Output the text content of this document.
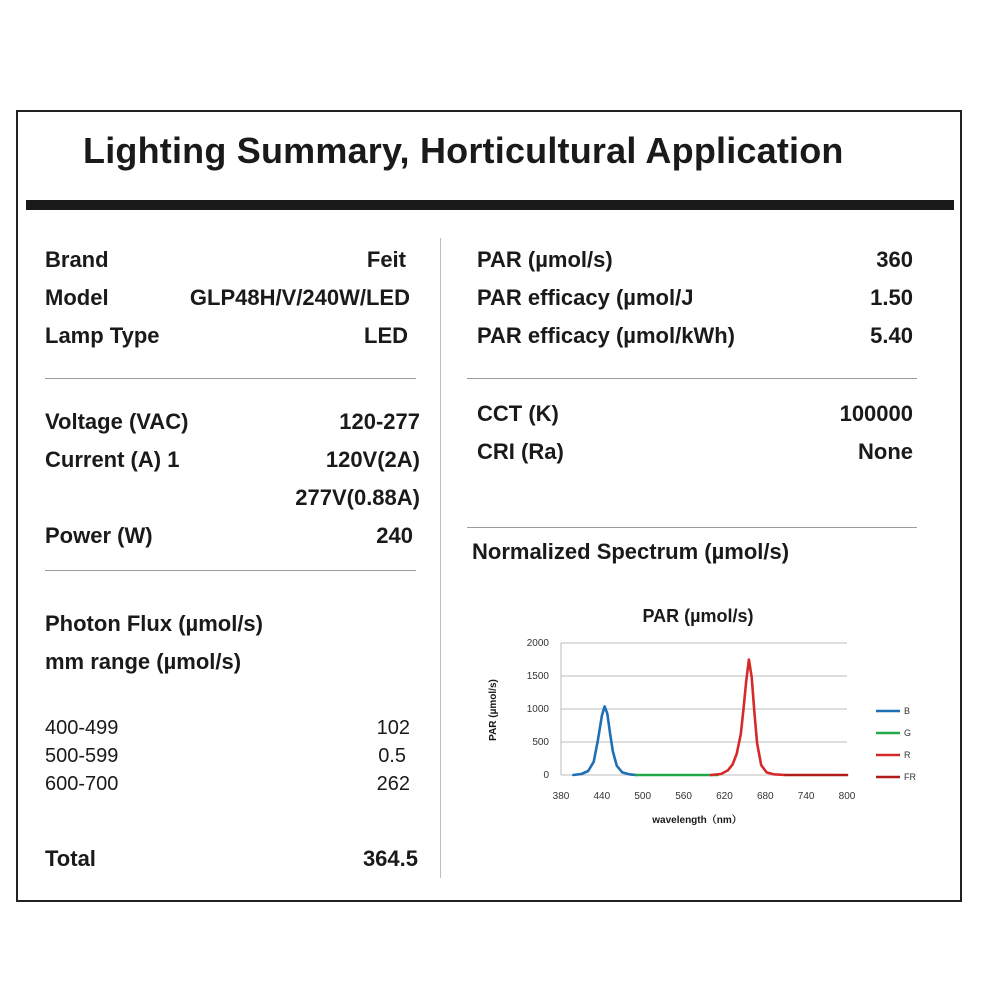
Lighting Summary, Horticultural Application
Brand	Feit
Model	GLP48H/V/240W/LED
Lamp Type	LED
Voltage (VAC)	120-277
Current (A) 1	120V(2A)
277V(0.88A)
Power (W)	240
Photon Flux (µmol/s)
mm range (µmol/s)
400-499	102
500-599	0.5
600-700	262
Total	364.5
PAR (µmol/s)	360
PAR efficacy (µmol/J	1.50
PAR efficacy (µmol/kWh)	5.40
CCT (K)	100000
CRI (Ra)	None
Normalized Spectrum (µmol/s)
PAR (µmol/s)
PAR (µmol/s)
wavelength（nm）
0
500
1000
1500
2000
380 440 500 560 620 680 740 800
B
G
R
FR
